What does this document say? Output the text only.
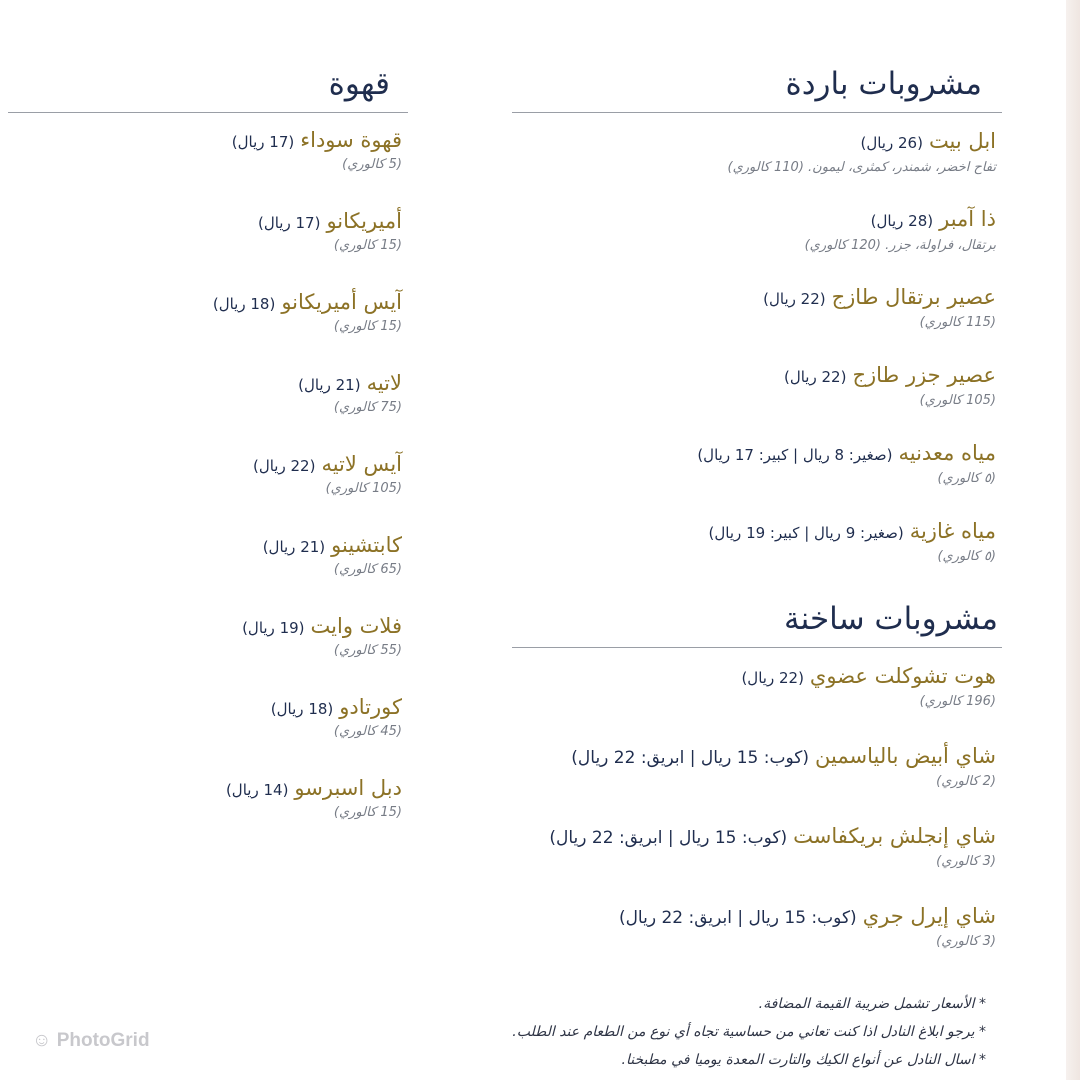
مشروبات باردة
ابل بيت(26 ريال)
تفاح اخضر، شمندر، كمثرى، ليمون. (110 كالوري)
ذا آمبر(28 ريال)
برتقال، فراولة، جزر. (120 كالوري)
عصير برتقال طازج(22 ريال)
(115 كالوري)
عصير جزر طازج(22 ريال)
(105 كالوري)
مياه معدنيه(صغير: 8 ريال | كبير: 17 ريال)
(٥ كالوري)
مياه غازية(صغير: 9 ريال | كبير: 19 ريال)
(٥ كالوري)
مشروبات ساخنة
هوت تشوكلت عضوي(22 ريال)
(196 كالوري)
شاي أبيض بالياسمين(كوب: 15 ريال | ابريق: 22 ريال)
(2 كالوري)
شاي إنجلش بريكفاست(كوب: 15 ريال | ابريق: 22 ريال)
(3 كالوري)
شاي إيرل جري(كوب: 15 ريال | ابريق: 22 ريال)
(3 كالوري)
قهوة
قهوة سوداء(17 ريال)
(5 كالوري)
أميريكانو(17 ريال)
(15 كالوري)
آيس أميريكانو(18 ريال)
(15 كالوري)
لاتيه(21 ريال)
(75 كالوري)
آيس لاتيه(22 ريال)
(105 كالوري)
كابتشينو(21 ريال)
(65 كالوري)
فلات وايت(19 ريال)
(55 كالوري)
كورتادو(18 ريال)
(45 كالوري)
دبل اسبرسو(14 ريال)
(15 كالوري)
* الأسعار تشمل ضريبة القيمة المضافة.
* يرجو ابلاغ النادل اذا كنت تعاني من حساسية تجاه أي نوع من الطعام عند الطلب.
* اسال النادل عن أنواع الكيك والتارت المعدة يوميا في مطبخنا.
☺ PhotoGrid
